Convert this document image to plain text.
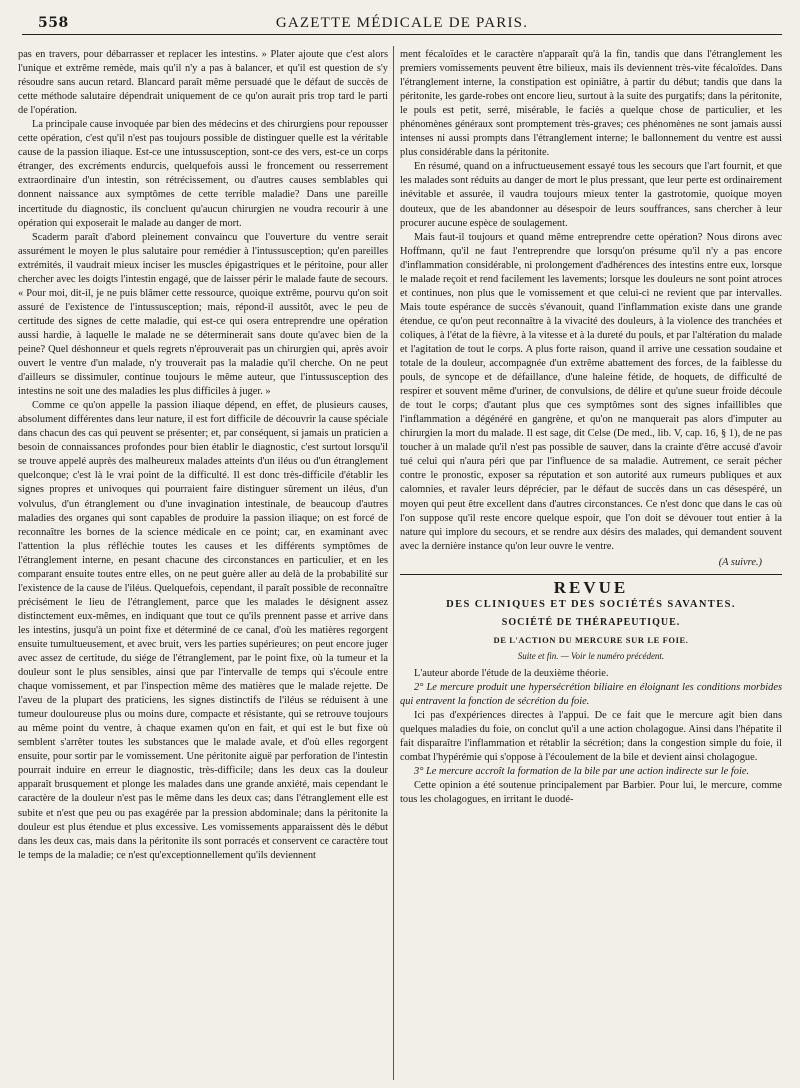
558	GAZETTE MÉDICALE DE PARIS.

pas en travers, pour débarrasser et replacer les intestins. » Plater ajoute que c'est alors l'unique et extrême remède, mais qu'il n'y a pas à balancer, et qu'il est question de s'y résoudre sans aucun retard. Blancard paraît même persuadé que le défaut de succès de cette méthode salutaire dépendrait uniquement de ce qu'on aurait pris trop tard le parti de l'opération.

La principale cause invoquée par bien des médecins et des chirurgiens pour repousser cette opération, c'est qu'il n'est pas toujours possible de distinguer quelle est la véritable cause de la passion iliaque. Est-ce une intussusception, sont-ce des vers, est-ce un corps étranger, des excréments endurcis, quelquefois aussi le froncement ou resserrement extraordinaire d'un intestin, son rétrécissement, ou d'autres causes semblables qui donnent naissance aux symptômes de cette terrible maladie? Dans une pareille incertitude du diagnostic, ils concluent qu'aucun chirurgien ne voudra recourir à une opération qui exposerait le malade au danger de mort.

Scaderm paraît d'abord pleinement convaincu que l'ouverture du ventre serait assurément le moyen le plus salutaire pour remédier à l'intussusception; qu'en pareilles extrémités, il vaudrait mieux inciser les muscles épigastriques et le péritoine, pour aller chercher avec les doigts l'intestin engagé, que de laisser périr le malade faute de secours. « Pour moi, dit-il, je ne puis blâmer cette ressource, quoique extrême, pourvu qu'on soit assuré de l'existence de l'intussusception; mais, répond-il aussitôt, avec le peu de certitude des signes de cette maladie, qui est-ce qui osera entreprendre une opération aussi hardie, à laquelle le malade ne se déterminerait sans doute qu'avec bien de la peine? Quel déshonneur et quels regrets n'éprouverait pas un chirurgien qui, après avoir ouvert le ventre d'un malade, n'y trouverait pas la maladie qu'il cherche. On ne peut d'ailleurs se dissimuler, continue toujours le même auteur, que l'intussusception des intestins ne soit une des maladies les plus difficiles à juger. »

Comme ce qu'on appelle la passion iliaque dépend, en effet, de plusieurs causes, absolument différentes dans leur nature, il est fort difficile de découvrir la cause spéciale dans chacun des cas qui peuvent se présenter; et, par conséquent, si jamais un praticien a besoin de connaissances profondes pour bien établir le diagnostic, c'est surtout lorsqu'il se trouve appelé auprès des malheureux malades atteints d'un iléus ou d'un étranglement quelconque; c'est là le vrai point de la difficulté. Il est donc très-difficile d'établir les signes propres et univoques qui pourraient faire distinguer sûrement un iléus, d'un volvulus, d'un étranglement ou d'une invagination intestinale, de beaucoup d'autres maladies des organes qui sont capables de produire la passion iliaque; on est forcé de reconnaître les bornes de la science médicale en ce point; car, en examinant avec l'attention la plus réfléchie toutes les causes et les différents symptômes de l'étranglement interne, en pesant chacune des circonstances en particulier, et en les comparant ensuite toutes entre elles, on ne peut guère aller au delà de la probabilité sur l'existence de la cause de l'iléus. Quelquefois, cependant, il paraît possible de reconnaître précisément le lieu de l'étranglement, parce que les malades le désignent assez distinctement eux-mêmes, en indiquant que tout ce qu'ils prennent passe et arrive dans les intestins, jusqu'à un point fixe et déterminé de ce canal, d'où les matières regorgent ensuite tumultueusement, et avec bruit, vers les parties supérieures; on peut encore juger avec assez de certitude, du siége de l'étranglement, par le point fixe, où la tumeur et la douleur sont le plus sensibles, ainsi que par l'intervalle de temps qui s'écoule entre chaque vomissement, et par l'inspection même des matières que le malade rejette. De l'aveu de la plupart des praticiens, les signes distinctifs de l'iléus se réduisent à une tumeur douloureuse plus ou moins dure, compacte et résistante, qui se retrouve toujours au même point du ventre, à chaque examen qu'on en fait, et qui est le but fixe où semblent s'arrêter toutes les substances que le malade avale, et d'où elles regorgent ensuite, pour sortir par le vomissement. Une péritonite aiguë par perforation de l'intestin pourrait induire en erreur le diagnostic, très-difficile; dans les deux cas la douleur apparaît brusquement et plonge les malades dans une grande anxiété, mais cependant le caractère de la douleur n'est pas le même dans les deux cas; dans l'étranglement elle est subite et n'est que peu ou pas exagérée par la pression abdominale; dans la péritonite la douleur est plus étendue et plus excessive. Les vomissements apparaissent dès le début dans les deux cas, mais dans la péritonite ils sont porracés et conservent ce caractère tout le temps de la maladie; ce n'est qu'exceptionnellement qu'ils deviennent

ment fécaloïdes et le caractère n'apparaît qu'à la fin, tandis que dans l'étranglement les premiers vomissements peuvent être bilieux, mais ils deviennent très-vite fécaloïdes. Dans l'étranglement interne, la constipation est opiniâtre, à partir du début; tandis que dans la péritonite, les garde-robes ont encore lieu, surtout à la suite des purgatifs; dans la péritonite, le pouls est petit, serré, misérable, le faciès a quelque chose de particulier, et les phénomènes généraux sont promptement très-graves; ces phénomènes ne sont jamais aussi intenses ni aussi prompts dans l'étranglement interne; le ballonnement du ventre est aussi plus considérable dans la péritonite.

En résumé, quand on a infructueusement essayé tous les secours que l'art fournit, et que les malades sont réduits au danger de mort le plus pressant, que leur perte est ordinairement inévitable et assurée, il vaudra toujours mieux tenter la gastrotomie, quoique moyen douteux, que de les abandonner au désespoir de leurs souffrances, sans chercher à leur procurer aucune espèce de soulagement.

Mais faut-il toujours et quand même entreprendre cette opération? Nous dirons avec Hoffmann, qu'il ne faut l'entreprendre que lorsqu'on présume qu'il n'y a pas encore d'inflammation considérable, ni prolongement d'adhérences des intestins entre eux, lorsque le malade reçoit et rend facilement les lavements; lorsque les douleurs ne sont point atroces et continues, non plus que le vomissement et que celui-ci ne revient que par intervalles. Mais toute espérance de succès s'évanouit, quand l'inflammation existe dans une grande étendue, ce qu'on peut reconnaître à la vivacité des douleurs, à la violence des tranchées et coliques, à l'état de la fièvre, à la vitesse et à la dureté du pouls, et par l'altération du malade et l'agitation de tout le corps. A plus forte raison, quand il arrive une cessation soudaine et totale de la douleur, accompagnée d'un extrême abattement des forces, de la faiblesse du pouls, de syncope et de défaillance, d'une haleine fétide, de hoquets, de difficulté de respirer et souvent même d'uriner, de convulsions, de délire et qu'une sueur froide découle de tout le corps; d'autant plus que ces symptômes sont des signes infaillibles que l'inflammation a dégénéré en gangrène, et qu'on ne manquerait pas alors d'imputer au chirurgien la mort du malade. Il est sage, dit Celse (De med., lib. V, cap. 16, § 1), de ne pas toucher à un malade qu'il n'est pas possible de sauver, dans la crainte d'être accusé d'avoir tué celui qui n'aura péri que par l'influence de sa maladie. Autrement, ce serait pécher contre le pronostic, exposer sa réputation et son autorité aux rumeurs publiques et aux calomnies, et ravaler leurs déprécier, par le défaut de succès dans un cas désespéré, un moyen qui peut être excellent dans d'autres circonstances. Ce n'est donc que dans le cas où l'on suppose qu'il reste encore quelque espoir, que l'on doit se dévouer tout entier à la nature qui implore du secours, et se rendre aux désirs des malades, qui demandent souvent avec la dernière instance qu'on leur ouvre le ventre.

(A suivre.)

REVUE
DES CLINIQUES ET DES SOCIÉTÉS SAVANTES.
SOCIÉTÉ DE THÉRAPEUTIQUE.
DE L'ACTION DU MERCURE SUR LE FOIE.
Suite et fin. — Voir le numéro précédent.

L'auteur aborde l'étude de la deuxième théorie.

2° Le mercure produit une hypersécrétion biliaire en éloignant les conditions morbides qui entravent la fonction de sécrétion du foie.

Ici pas d'expériences directes à l'appui. De ce fait que le mercure agit bien dans quelques maladies du foie, on conclut qu'il a une action cholagogue. Ainsi dans l'hépatite il fait disparaître l'inflammation et rétablir la sécrétion; dans la congestion simple du foie, il combat l'hypérémie qui s'oppose à l'écoulement de la bile et devient ainsi cholagogue.

3° Le mercure accroît la formation de la bile par une action indirecte sur le foie.

Cette opinion a été soutenue principalement par Barbier. Pour lui, le mercure, comme tous les cholagogues, en irritant le duodé-
